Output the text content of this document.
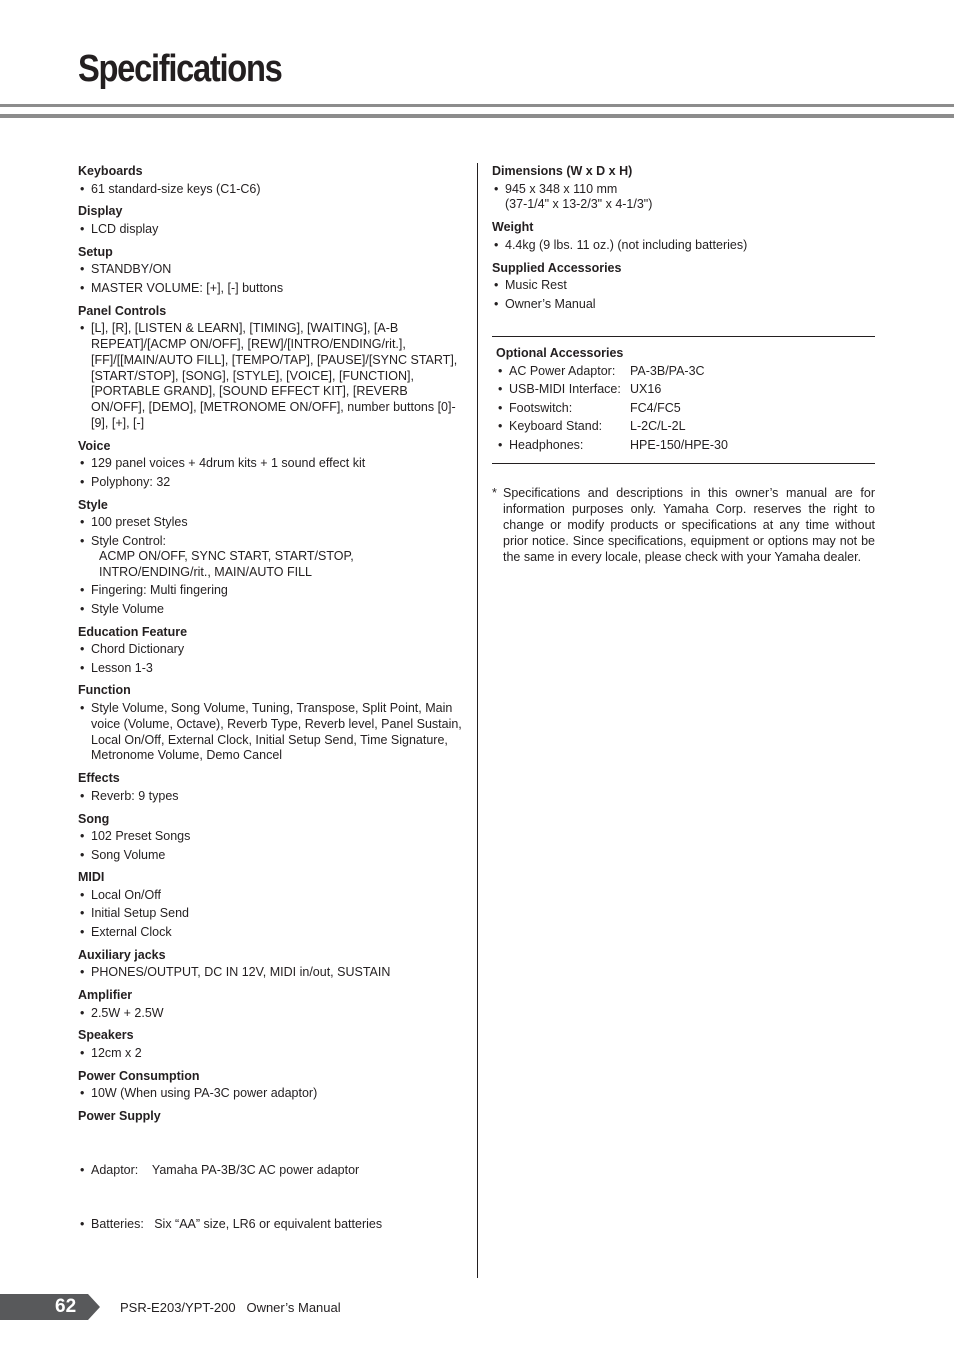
Specifications

Keyboards

• 61 standard-size keys (C1-C6)

Display

• LCD display

Setup

• STANDBY/ON
• MASTER VOLUME: [+], [-] buttons

Panel Controls

• [L], [R], [LISTEN & LEARN], [TIMING], [WAITING], [A-B REPEAT]/[ACMP ON/OFF], [REW]/[INTRO/ENDING/rit.], [FF]/[[MAIN/AUTO FILL], [TEMPO/TAP], [PAUSE]/[SYNC START], [START/STOP], [SONG], [STYLE], [VOICE], [FUNCTION], [PORTABLE GRAND], [SOUND EFFECT KIT], [REVERB ON/OFF], [DEMO], [METRONOME ON/OFF], number buttons [0]-[9], [+], [-]

Voice

• 129 panel voices + 4drum kits + 1 sound effect kit
• Polyphony: 32

Style

• 100 preset Styles
• Style Control:
ACMP ON/OFF, SYNC START, START/STOP,
INTRO/ENDING/rit., MAIN/AUTO FILL
• Fingering: Multi fingering
• Style Volume

Education Feature

• Chord Dictionary
• Lesson 1-3

Function

• Style Volume, Song Volume, Tuning, Transpose, Split Point, Main voice (Volume, Octave), Reverb Type, Reverb level, Panel Sustain, Local On/Off, External Clock, Initial Setup Send, Time Signature, Metronome Volume, Demo Cancel

Effects

• Reverb: 9 types

Song

• 102 Preset Songs
• Song Volume

MIDI

• Local On/Off
• Initial Setup Send
• External Clock

Auxiliary jacks

• PHONES/OUTPUT, DC IN 12V, MIDI in/out, SUSTAIN

Amplifier

• 2.5W + 2.5W

Speakers

• 12cm x 2

Power Consumption

• 10W (When using PA-3C power adaptor)

Power Supply

• Adaptor:    Yamaha PA-3B/3C AC power adaptor

• Batteries:   Six “AA” size, LR6 or equivalent batteries

Dimensions (W x D x H)

• 945 x 348 x 110 mm
(37-1/4" x 13-2/3" x 4-1/3")

Weight

• 4.4kg (9 lbs. 11 oz.) (not including batteries)

Supplied Accessories

• Music Rest
• Owner’s Manual

Optional Accessories

• AC Power Adaptor:	PA-3B/PA-3C
• USB-MIDI Interface: UX16
• Footswitch:	FC4/FC5
• Keyboard Stand:	L-2C/L-2L
• Headphones:	HPE-150/HPE-30
* Specifications and descriptions in this owner’s manual are for information purposes only. Yamaha Corp. reserves the right to change or modify products or specifications at any time without prior notice. Since specifications, equipment or options may not be the same in every locale, please check with your Yamaha dealer.
62	PSR-E203/YPT-200   Owner’s Manual
